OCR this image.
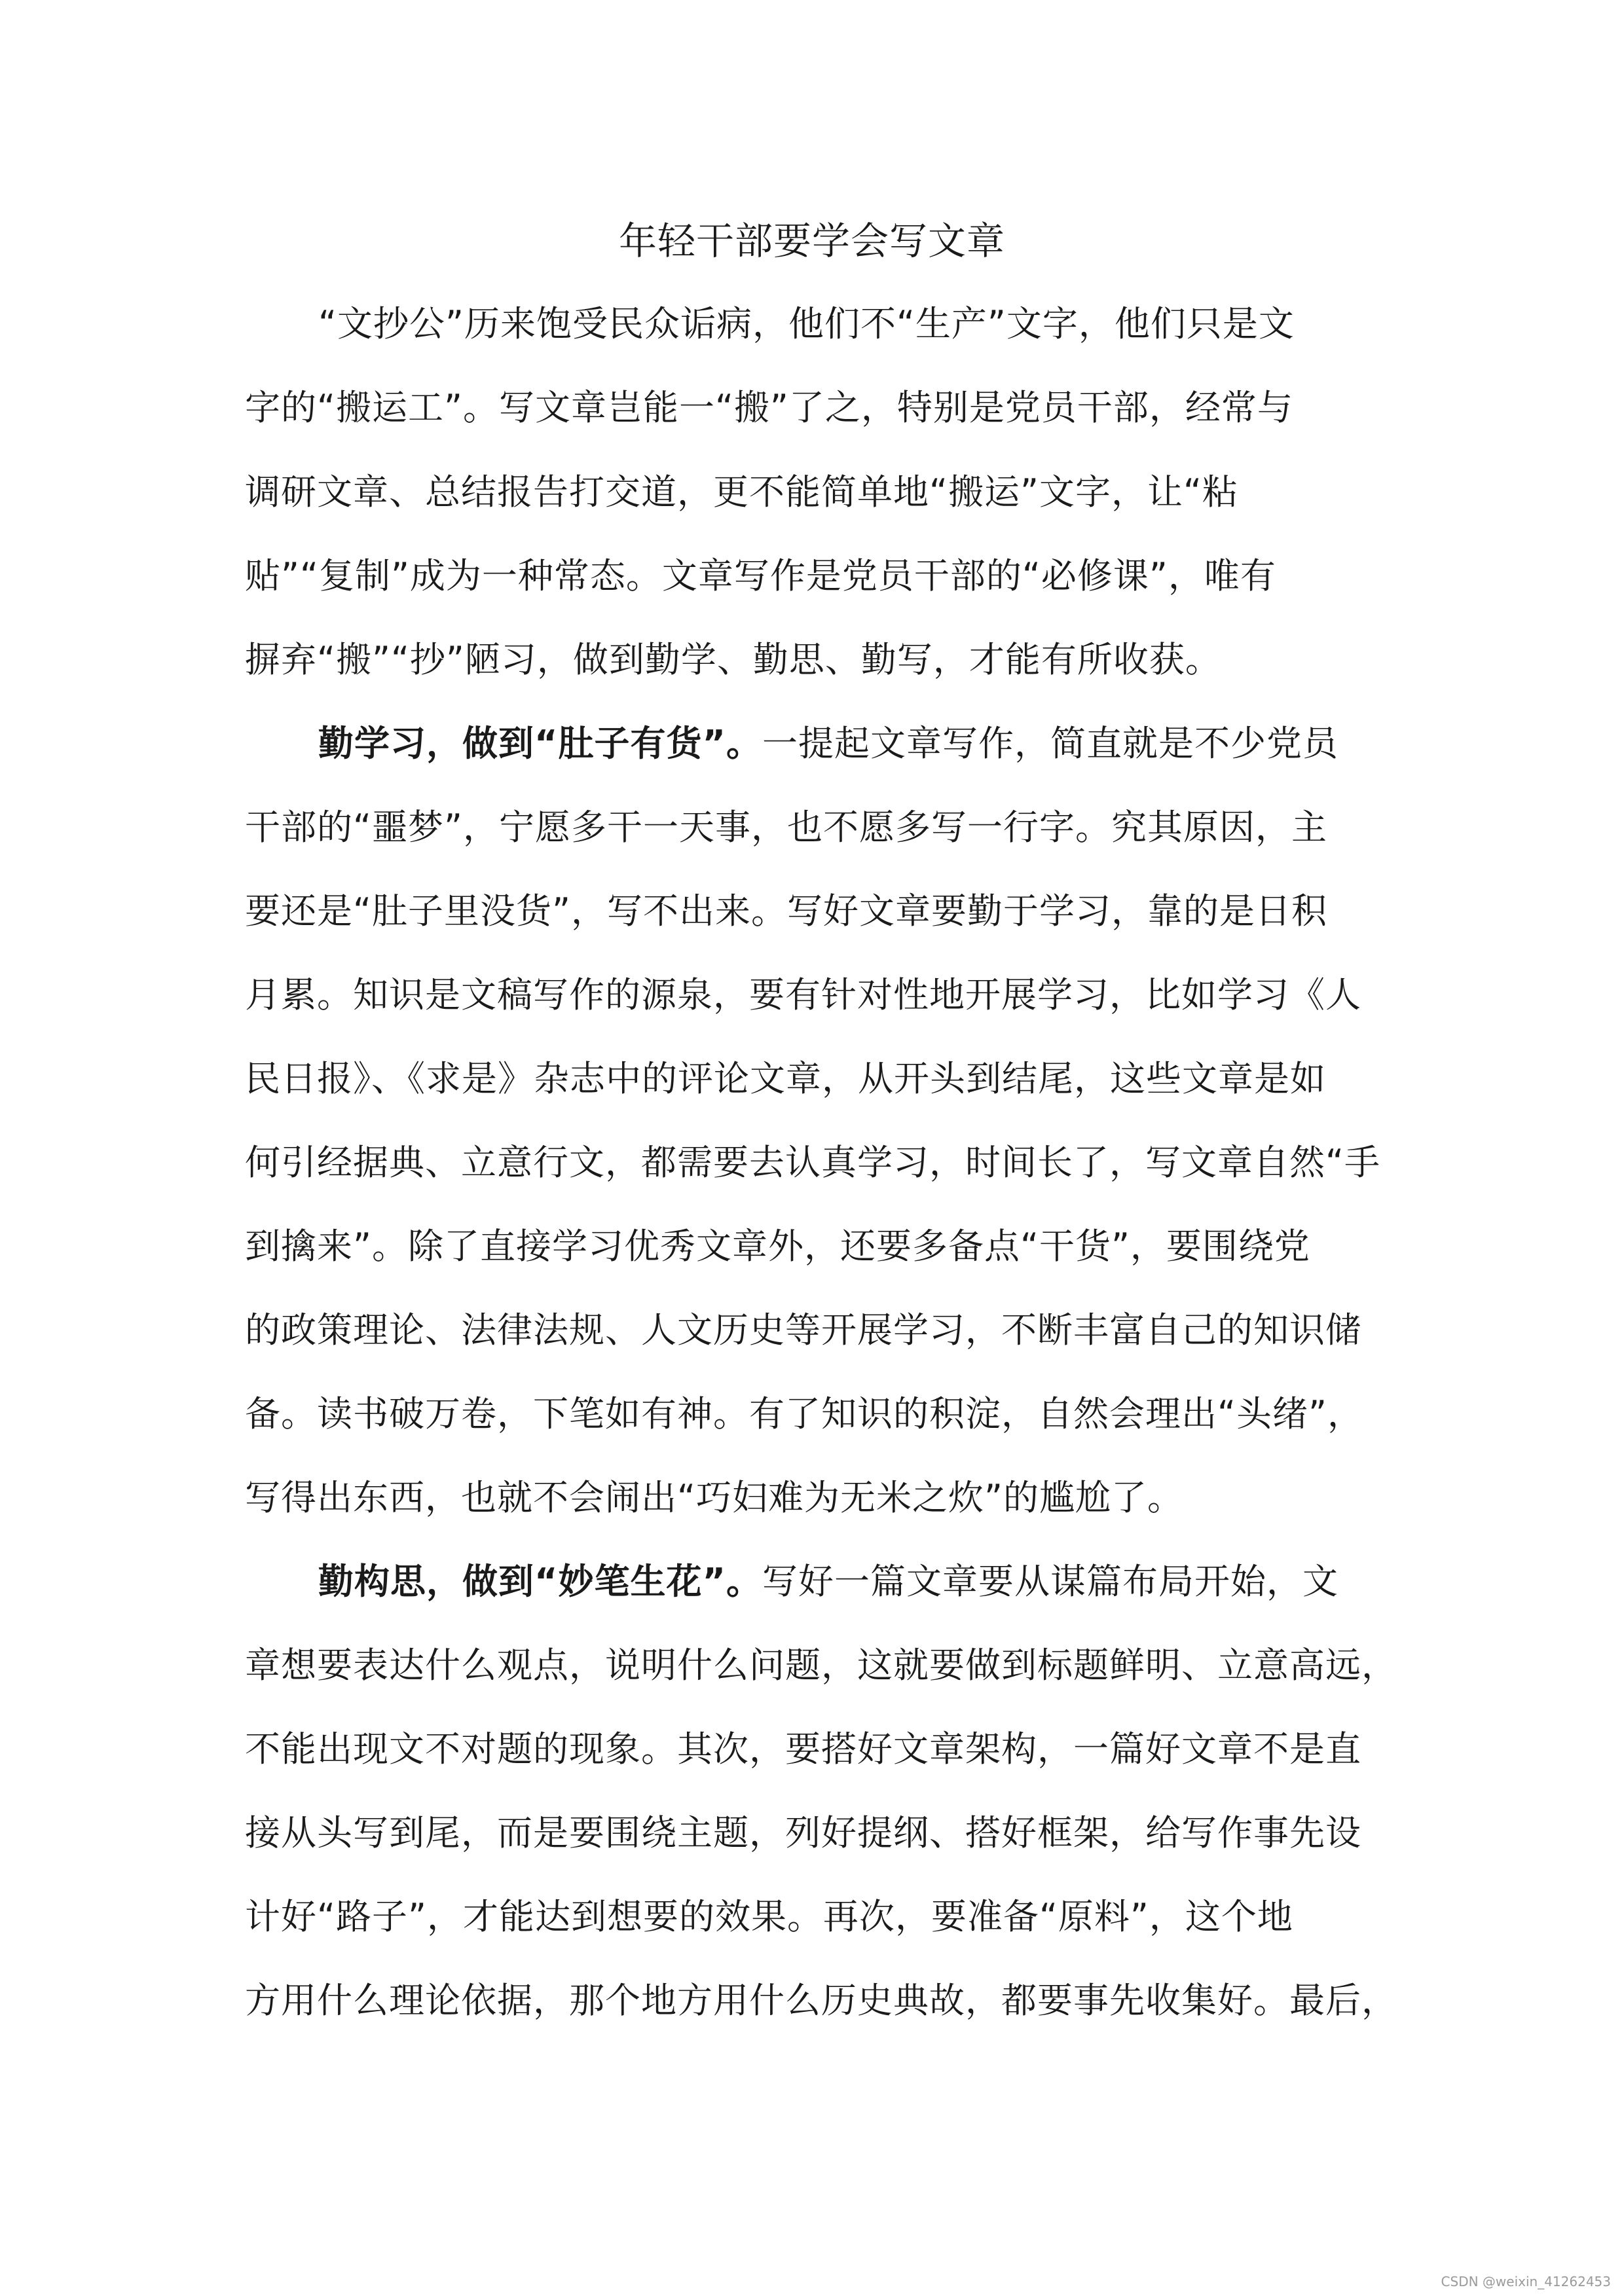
年轻干部要学会写文章
“文抄公”历来饱受民众诟病，他们不“生产”文字，他们只是文
字的“搬运工”。写文章岂能一“搬”了之，特别是党员干部，经常与
调研文章、总结报告打交道，更不能简单地“搬运”文字，让“粘
贴”“复制”成为一种常态。文章写作是党员干部的“必修课”，唯有
摒弃“搬”“抄”陋习，做到勤学、勤思、勤写，才能有所收获。
勤学习，做到“肚子有货”。一提起文章写作，简直就是不少党员
干部的“噩梦”，宁愿多干一天事，也不愿多写一行字。究其原因，主
要还是“肚子里没货”，写不出来。写好文章要勤于学习，靠的是日积
月累。知识是文稿写作的源泉，要有针对性地开展学习，比如学习《人
民日报》、《求是》杂志中的评论文章，从开头到结尾，这些文章是如
何引经据典、立意行文，都需要去认真学习，时间长了，写文章自然“手
到擒来”。除了直接学习优秀文章外，还要多备点“干货”，要围绕党
的政策理论、法律法规、人文历史等开展学习，不断丰富自己的知识储
备。读书破万卷，下笔如有神。有了知识的积淀，自然会理出“头绪”，
写得出东西，也就不会闹出“巧妇难为无米之炊”的尴尬了。
勤构思，做到“妙笔生花”。写好一篇文章要从谋篇布局开始，文
章想要表达什么观点，说明什么问题，这就要做到标题鲜明、立意高远，
不能出现文不对题的现象。其次，要搭好文章架构，一篇好文章不是直
接从头写到尾，而是要围绕主题，列好提纲、搭好框架，给写作事先设
计好“路子”，才能达到想要的效果。再次，要准备“原料”，这个地
方用什么理论依据，那个地方用什么历史典故，都要事先收集好。最后，
CSDN @weixin_41262453
